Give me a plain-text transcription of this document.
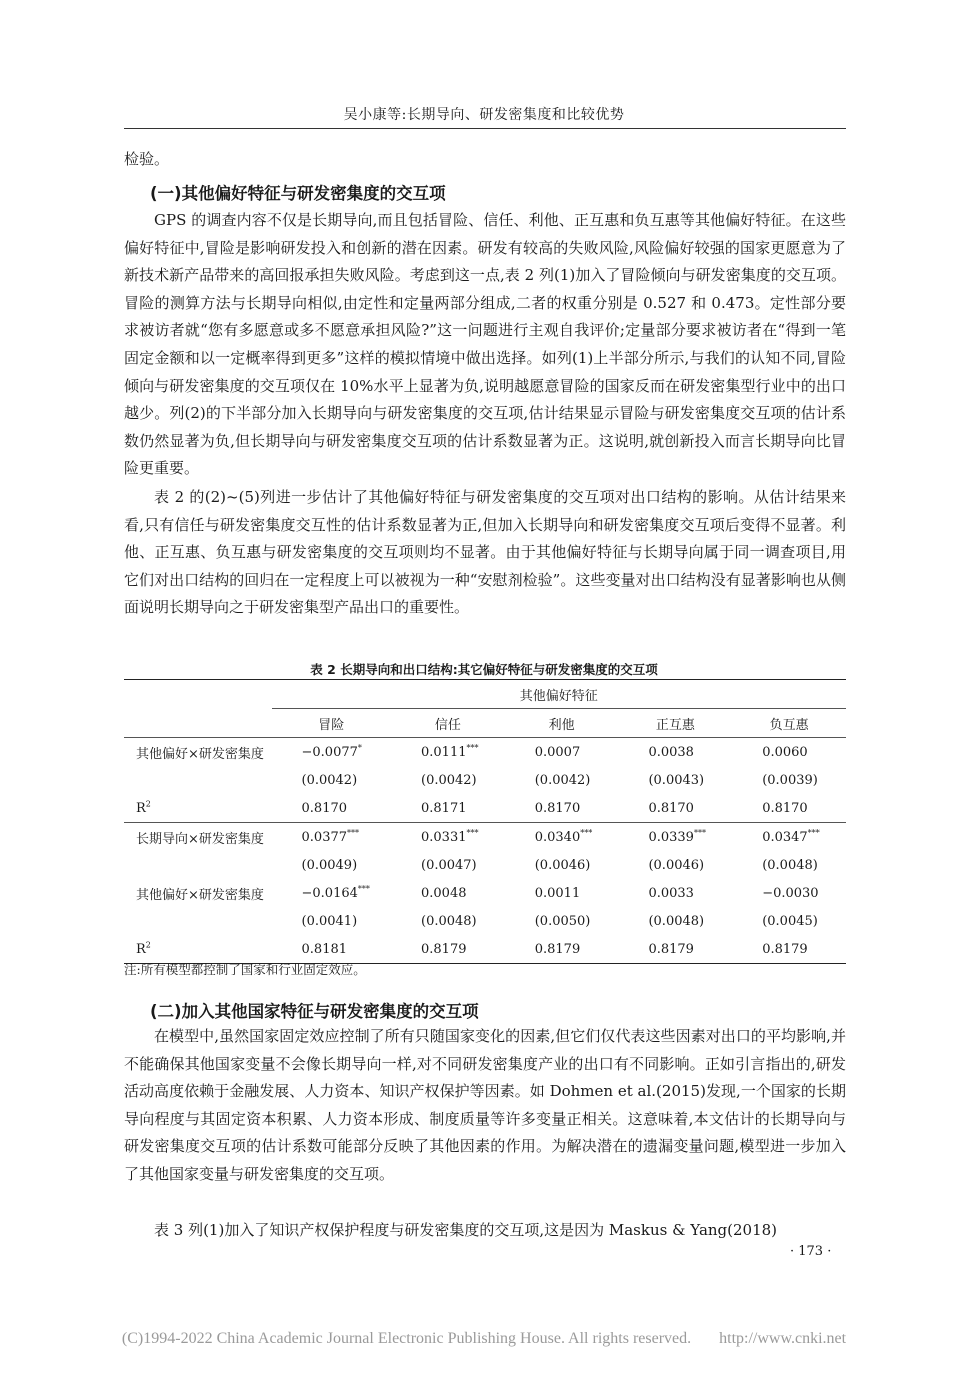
吴小康等:长期导向、研发密集度和比较优势

检验。

(一)其他偏好特征与研发密集度的交互项

GPS 的调查内容不仅是长期导向,而且包括冒险、信任、利他、正互惠和负互惠等其他偏好特征。在这些偏好特征中,冒险是影响研发投入和创新的潜在因素。研发有较高的失败风险,风险偏好较强的国家更愿意为了新技术新产品带来的高回报承担失败风险。考虑到这一点,表 2 列(1)加入了冒险倾向与研发密集度的交互项。冒险的测算方法与长期导向相似,由定性和定量两部分组成,二者的权重分别是 0.527 和 0.473。定性部分要求被访者就“您有多愿意或多不愿意承担风险?”这一问题进行主观自我评价;定量部分要求被访者在“得到一笔固定金额和以一定概率得到更多”这样的模拟情境中做出选择。如列(1)上半部分所示,与我们的认知不同,冒险倾向与研发密集度的交互项仅在 10%水平上显著为负,说明越愿意冒险的国家反而在研发密集型行业中的出口越少。列(2)的下半部分加入长期导向与研发密集度的交互项,估计结果显示冒险与研发密集度交互项的估计系数仍然显著为负,但长期导向与研发密集度交互项的估计系数显著为正。这说明,就创新投入而言长期导向比冒险更重要。

表 2 的(2)~(5)列进一步估计了其他偏好特征与研发密集度的交互项对出口结构的影响。从估计结果来看,只有信任与研发密集度交互性的估计系数显著为正,但加入长期导向和研发密集度交互项后变得不显著。利他、正互惠、负互惠与研发密集度的交互项则均不显著。由于其他偏好特征与长期导向属于同一调查项目,用它们对出口结构的回归在一定程度上可以被视为一种“安慰剂检验”。这些变量对出口结构没有显著影响也从侧面说明长期导向之于研发密集型产品出口的重要性。

表 2 长期导向和出口结构:其它偏好特征与研发密集度的交互项
	其他偏好特征				
	冒险	信任	利他	正互惠	负互惠
其他偏好×研发密集度	−0.0077*	0.0111***	0.0007	0.0038	0.0060
	(0.0042)	(0.0042)	(0.0042)	(0.0043)	(0.0039)
$R^2$	0.8170	0.8171	0.8170	0.8170	0.8170
长期导向×研发密集度	0.0377***	0.0331***	0.0340***	0.0339***	0.0347***
	(0.0049)	(0.0047)	(0.0046)	(0.0046)	(0.0048)
其他偏好×研发密集度	−0.0164***	0.0048	0.0011	0.0033	−0.0030
	(0.0041)	(0.0048)	(0.0050)	(0.0048)	(0.0045)
$R^2$	0.8181	0.8179	0.8179	0.8179	0.8179
注:所有模型都控制了国家和行业固定效应。
(二)加入其他国家特征与研发密集度的交互项

在模型中,虽然国家固定效应控制了所有只随国家变化的因素,但它们仅代表这些因素对出口的平均影响,并不能确保其他国家变量不会像长期导向一样,对不同研发密集度产业的出口有不同影响。正如引言指出的,研发活动高度依赖于金融发展、人力资本、知识产权保护等因素。如 Dohmen et al.(2015)发现,一个国家的长期导向程度与其固定资本积累、人力资本形成、制度质量等许多变量正相关。这意味着,本文估计的长期导向与研发密集度交互项的估计系数可能部分反映了其他因素的作用。为解决潜在的遗漏变量问题,模型进一步加入了其他国家变量与研发密集度的交互项。

表 3 列(1)加入了知识产权保护程度与研发密集度的交互项,这是因为 Maskus & Yang(2018)

· 173 ·
(C)1994-2022 China Academic Journal Electronic Publishing House. All rights reserved. http://www.cnki.net
